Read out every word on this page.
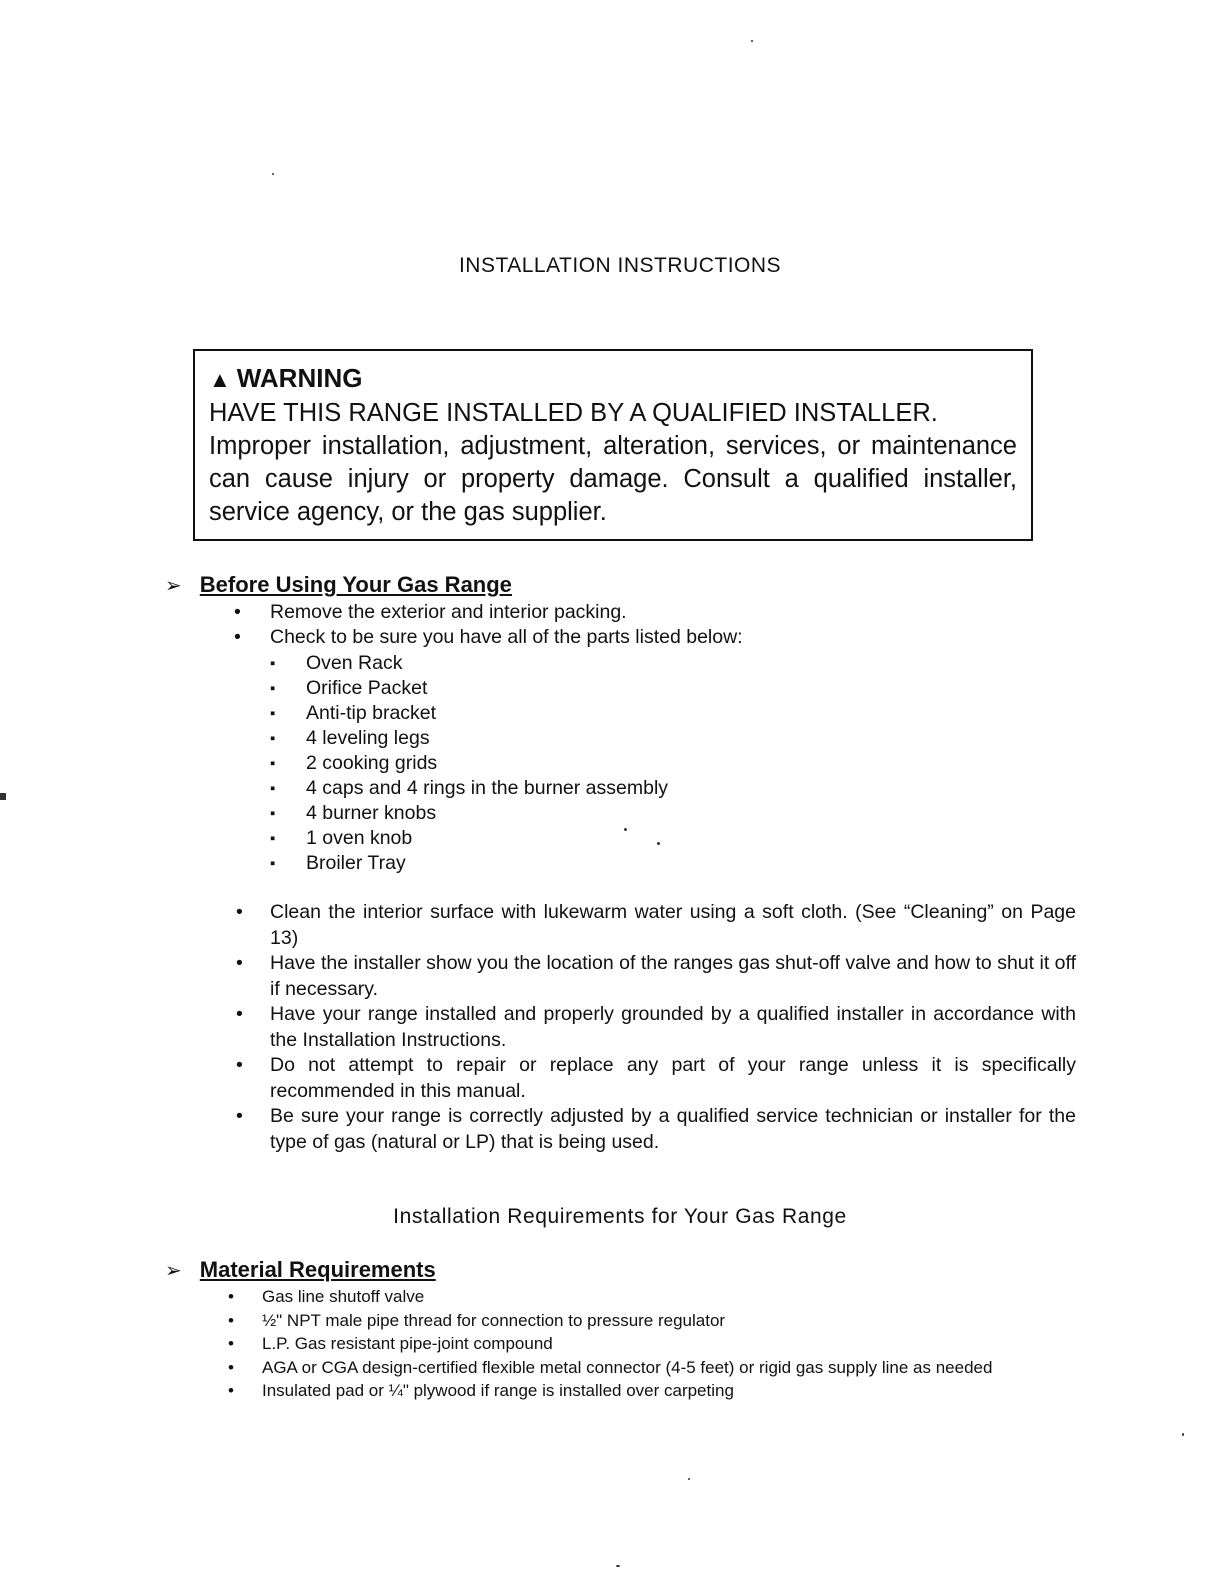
INSTALLATION INSTRUCTIONS
▲ WARNING
HAVE THIS RANGE INSTALLED BY A QUALIFIED INSTALLER.
Improper installation, adjustment, alteration, services, or maintenance can cause injury or property damage. Consult a qualified installer, service agency, or the gas supplier.
➢ Before Using Your Gas Range
• Remove the exterior and interior packing.
• Check to be sure you have all of the parts listed below:
▪ Oven Rack
▪ Orifice Packet
▪ Anti-tip bracket
▪ 4 leveling legs
▪ 2 cooking grids
▪ 4 caps and 4 rings in the burner assembly
▪ 4 burner knobs
▪ 1 oven knob
▪ Broiler Tray
• Clean the interior surface with lukewarm water using a soft cloth. (See “Cleaning” on Page 13)
• Have the installer show you the location of the ranges gas shut-off valve and how to shut it off if necessary.
• Have your range installed and properly grounded by a qualified installer in accordance with the Installation Instructions.
• Do not attempt to repair or replace any part of your range unless it is specifically recommended in this manual.
• Be sure your range is correctly adjusted by a qualified service technician or installer for the type of gas (natural or LP) that is being used.
Installation Requirements for Your Gas Range
➢ Material Requirements
• Gas line shutoff valve
• ½" NPT male pipe thread for connection to pressure regulator
• L.P. Gas resistant pipe-joint compound
• AGA or CGA design-certified flexible metal connector (4-5 feet) or rigid gas supply line as needed
• Insulated pad or ¼" plywood if range is installed over carpeting
